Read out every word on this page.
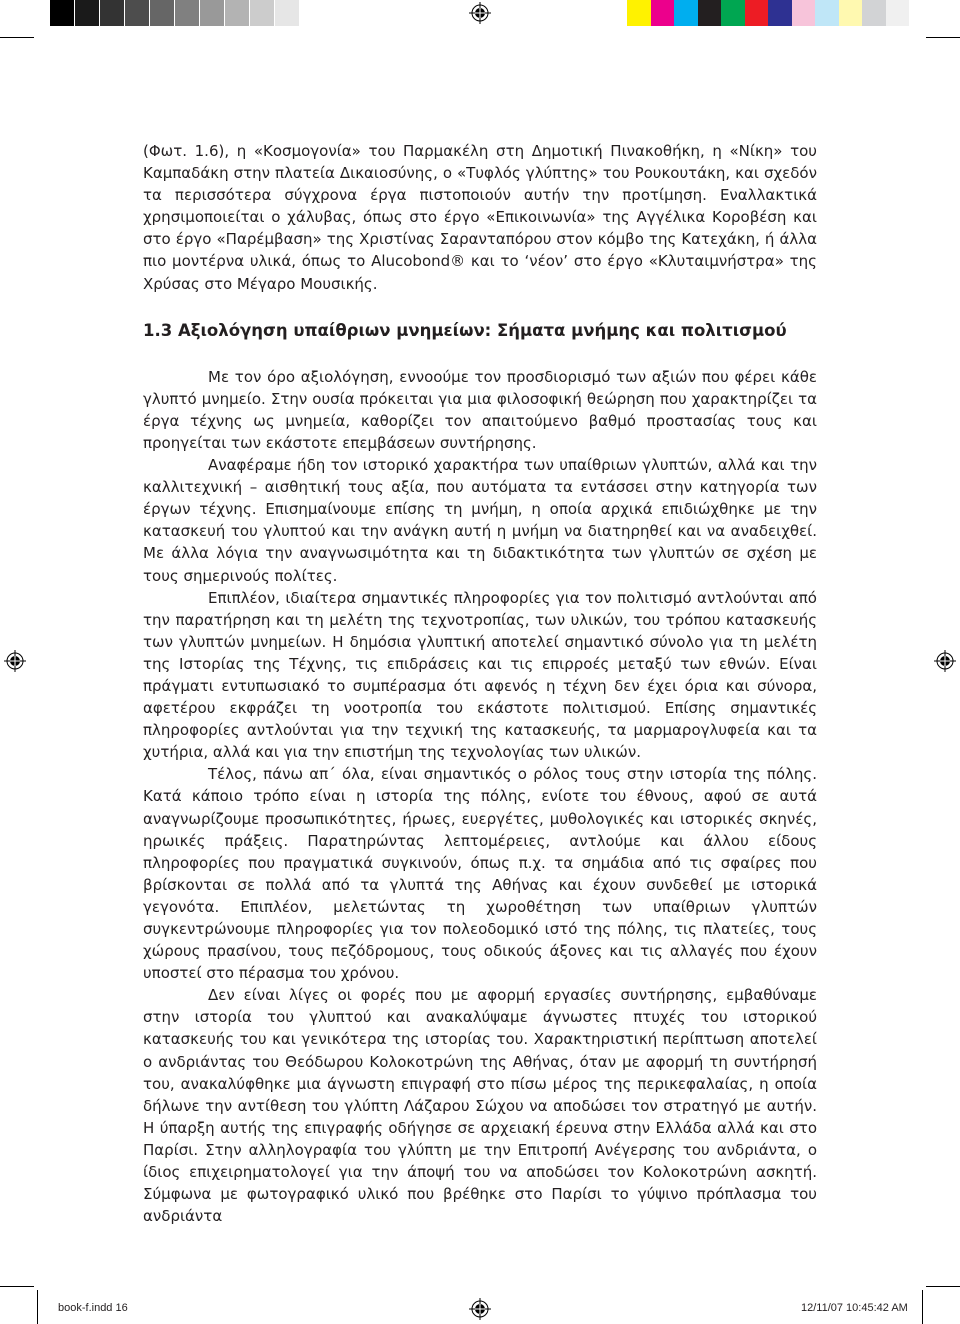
(Φωτ. 1.6), η «Κοσμογονία» του Παρμακέλη στη Δημοτική Πινακοθήκη, η «Νίκη» του Καμπαδάκη στην πλατεία Δικαιοσύνης, ο «Τυφλός γλύπτης» του Ρουκουτάκη, και σχεδόν τα περισσότερα σύγχρονα έργα πιστοποιούν αυτήν την προτίμηση. Εναλλακτικά χρησιμοποιείται ο χάλυβας, όπως στο έργο «Επικοινωνία» της Αγγέλικα Κοροβέση και στο έργο «Παρέμβαση» της Χριστίνας Σαρανταπόρου στον κόμβο της Κατεχάκη, ή άλλα πιο μοντέρνα υλικά, όπως το Alucobond® και το ‘νέον’ στο έργο «Κλυταιμνήστρα» της Χρύσας στο Μέγαρο Μουσικής.

1.3 Αξιολόγηση υπαίθριων μνημείων: Σήματα μνήμης και πολιτισμού

Με τον όρο αξιολόγηση, εννοούμε τον προσδιορισμό των αξιών που φέρει κάθε γλυπτό μνημείο. Στην ουσία πρόκειται για μια φιλοσοφική θεώρηση που χαρακτηρίζει τα έργα τέχνης ως μνημεία, καθορίζει τον απαιτούμενο βαθμό προστασίας τους και προηγείται των εκάστοτε επεμβάσεων συντήρησης.

Αναφέραμε ήδη τον ιστορικό χαρακτήρα των υπαίθριων γλυπτών, αλλά και την καλλιτεχνική – αισθητική τους αξία, που αυτόματα τα εντάσσει στην κατηγορία των έργων τέχνης. Επισημαίνουμε επίσης τη μνήμη, η οποία αρχικά επιδιώχθηκε με την κατασκευή του γλυπτού και την ανάγκη αυτή η μνήμη να διατηρηθεί και να αναδειχθεί. Με άλλα λόγια την αναγνωσιμότητα και τη διδακτικότητα των γλυπτών σε σχέση με τους σημερινούς πολίτες.

Επιπλέον, ιδιαίτερα σημαντικές πληροφορίες για τον πολιτισμό αντλούνται από την παρατήρηση και τη μελέτη της τεχνοτροπίας, των υλικών, του τρόπου κατασκευής των γλυπτών μνημείων. Η δημόσια γλυπτική αποτελεί σημαντικό σύνολο για τη μελέτη της Ιστορίας της Τέχνης, τις επιδράσεις και τις επιρροές μεταξύ των εθνών. Είναι πράγματι εντυπωσιακό το συμπέρασμα ότι αφενός η τέχνη δεν έχει όρια και σύνορα, αφετέρου εκφράζει τη νοοτροπία του εκάστοτε πολιτισμού. Επίσης σημαντικές πληροφορίες αντλούνται για την τεχνική της κατασκευής, τα μαρμαρογλυφεία και τα χυτήρια, αλλά και για την επιστήμη της τεχνολογίας των υλικών.

Τέλος, πάνω απ΄ όλα, είναι σημαντικός ο ρόλος τους στην ιστορία της πόλης. Κατά κάποιο τρόπο είναι η ιστορία της πόλης, ενίοτε του έθνους, αφού σε αυτά αναγνωρίζουμε προσωπικότητες, ήρωες, ευεργέτες, μυθολογικές και ιστορικές σκηνές, ηρωικές πράξεις. Παρατηρώντας λεπτομέρειες, αντλούμε και άλλου είδους πληροφορίες που πραγματικά συγκινούν, όπως π.χ. τα σημάδια από τις σφαίρες που βρίσκονται σε πολλά από τα γλυπτά της Αθήνας και έχουν συνδεθεί με ιστορικά γεγονότα. Επιπλέον, μελετώντας τη χωροθέτηση των υπαίθριων γλυπτών συγκεντρώνουμε πληροφορίες για τον πολεοδομικό ιστό της πόλης, τις πλατείες, τους χώρους πρασίνου, τους πεζόδρομους, τους οδικούς άξονες και τις αλλαγές που έχουν υποστεί στο πέρασμα του χρόνου.

Δεν είναι λίγες οι φορές που με αφορμή εργασίες συντήρησης, εμβαθύναμε στην ιστορία του γλυπτού και ανακαλύψαμε άγνωστες πτυχές του ιστορικού κατασκευής του και γενικότερα της ιστορίας του. Χαρακτηριστική περίπτωση αποτελεί ο ανδριάντας του Θεόδωρου Κολοκοτρώνη της Αθήνας, όταν με αφορμή τη συντήρησή του, ανακαλύφθηκε μια άγνωστη επιγραφή στο πίσω μέρος της περικεφαλαίας, η οποία δήλωνε την αντίθεση του γλύπτη Λάζαρου Σώχου να αποδώσει τον στρατηγό με αυτήν. Η ύπαρξη αυτής της επιγραφής οδήγησε σε αρχειακή έρευνα στην Ελλάδα αλλά και στο Παρίσι. Στην αλληλογραφία του γλύπτη με την Επιτροπή Ανέγερσης του ανδριάντα, ο ίδιος επιχειρηματολογεί για την άποψή του να αποδώσει τον Κολοκοτρώνη ασκητή. Σύμφωνα με φωτογραφικό υλικό που βρέθηκε στο Παρίσι το γύψινο πρόπλασμα του ανδριάντα

book-f.indd 16	12/11/07 10:45:42 AM
